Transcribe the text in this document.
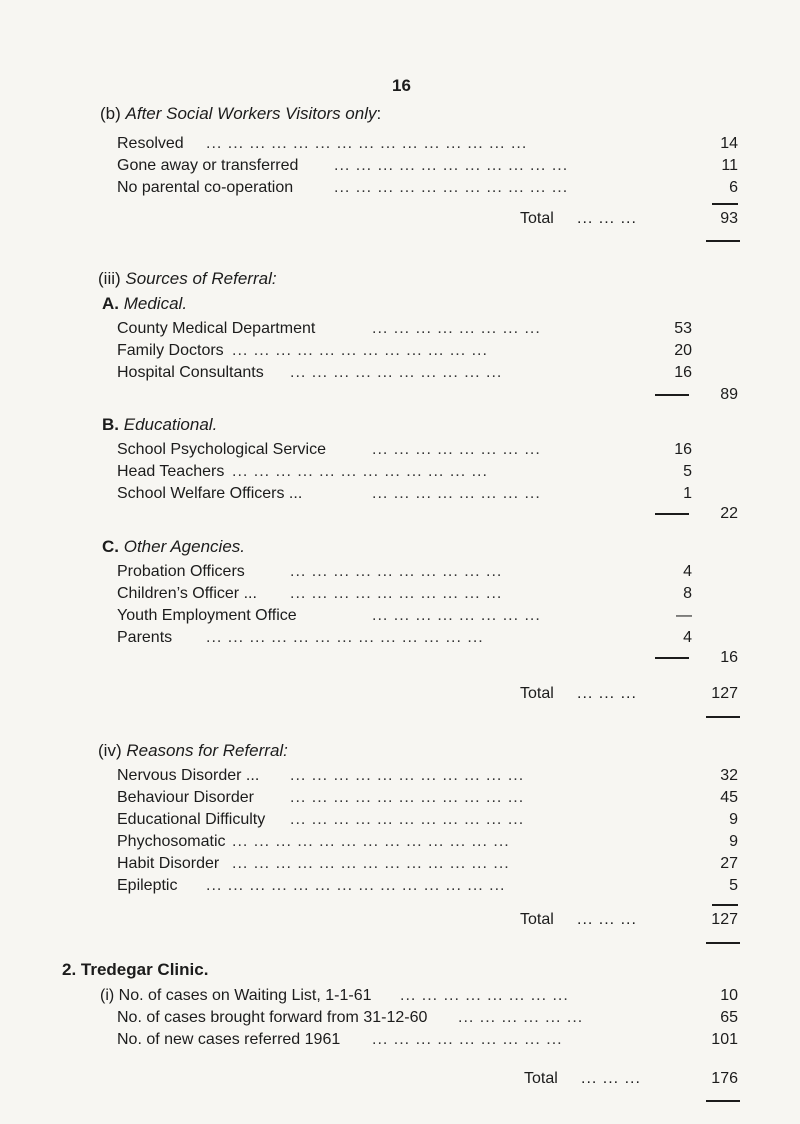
16
(b) After Social Workers Visitors only:
Resolved ... ... ... ... ... ... ... ... ... ... ... ... ... ... ...	14
Gone away or transferred ... ... ... ... ... ... ... ... ... ... ...	11
No parental co-operation	... ... ... ... ... ... ... ... ... ... ...	6
Total ... ... ...	93
(iii) Sources of Referral:
A. Medical.
County Medical Department	... ... ... ... ... ... ... ...	53
Family Doctors ... ... ... ... ... ... ... ... ... ... ... ...	20
Hospital Consultants ... ... ... ... ... ... ... ... ... ...	16
89
B. Educational.
School Psychological Service	... ... ... ... ... ... ... ...	16
Head Teachers ... ... ... ... ... ... ... ... ... ... ... ...	5
School Welfare Officers ...	... ... ... ... ... ... ... ...	1
22
C. Other Agencies.
Probation Officers	... ... ... ... ... ... ... ... ... ...	4
Children’s Officer ... ... ... ... ... ... ... ... ... ... ...	8
Youth Employment Office	... ... ... ... ... ... ... ...	—
Parents ... ... ... ... ... ... ... ... ... ... ... ... ...	4
16
Total ... ... ...	127
(iv) Reasons for Referral:
Nervous Disorder ... ... ... ... ... ... ... ... ... ... ... ...	32
Behaviour Disorder ... ... ... ... ... ... ... ... ... ... ...	45
Educational Difficulty ... ... ... ... ... ... ... ... ... ... ...	9
Phychosomatic ... ... ... ... ... ... ... ... ... ... ... ... ...	9
Habit Disorder ... ... ... ... ... ... ... ... ... ... ... ... ...	27
Epileptic ... ... ... ... ... ... ... ... ... ... ... ... ... ...	5
Total ... ... ...	127
2. Tredegar Clinic.
(i) No. of cases on Waiting List, 1-1-61 ... ... ... ... ... ... ... ...	10
No. of cases brought forward from 31-12-60 ... ... ... ... ... ...	65
No. of new cases referred 1961 ... ... ... ... ... ... ... ... ...	101
Total ... ... ...	176
